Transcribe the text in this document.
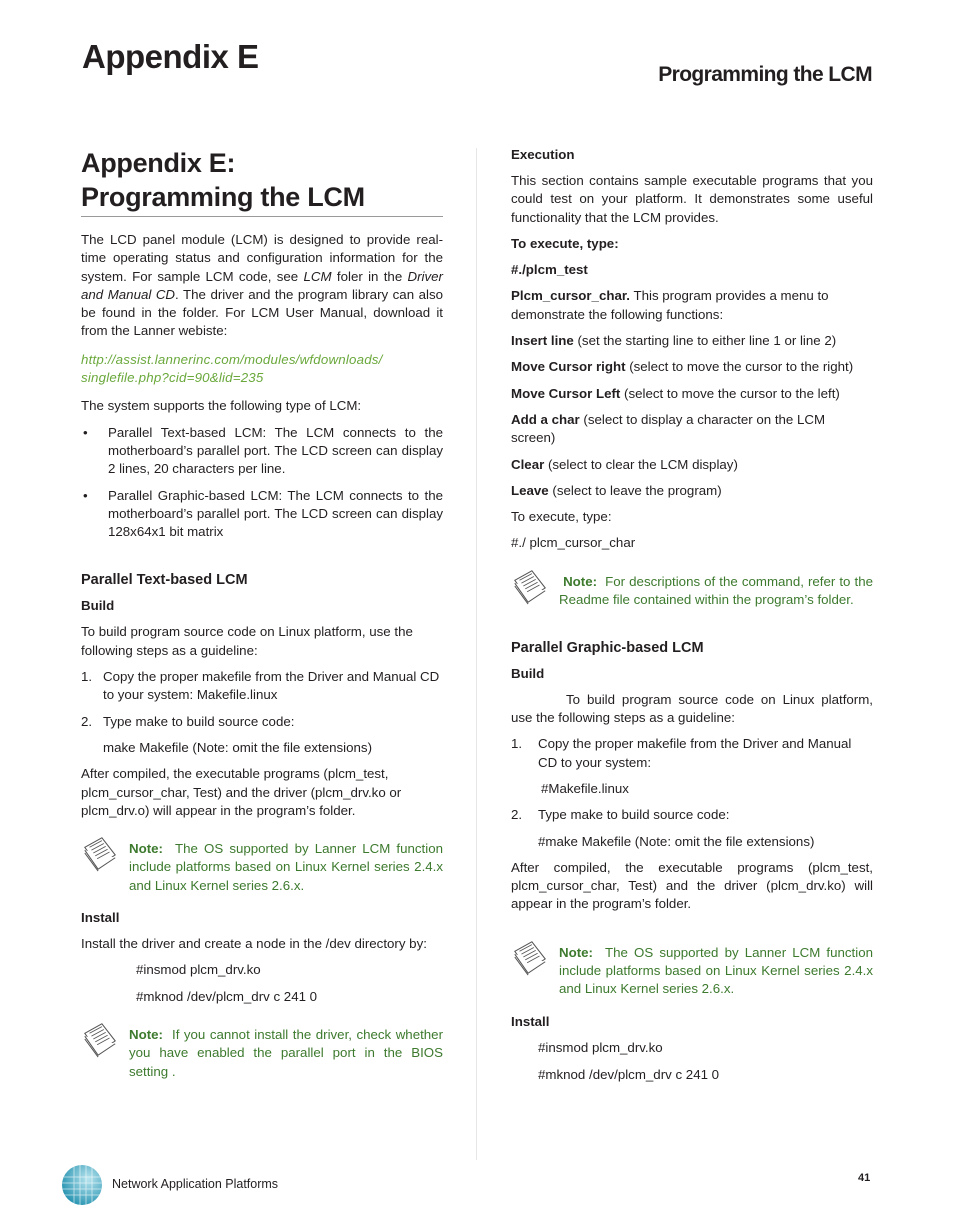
Appendix E	Programming the LCM
Appendix E:
Programming the LCM

The LCD panel module (LCM) is designed to provide real-time operating status and configuration information for the system. For sample LCM code, see LCM foler in the Driver and Manual CD. The driver and the program library can also be found in the folder. For LCM User Manual, download it from the Lanner webiste:

http://assist.lannerinc.com/modules/wfdownloads/
singlefile.php?cid=90&lid=235

The system supports the following type of LCM:

• Parallel Text-based LCM: The LCM connects to the motherboard’s parallel port. The LCD screen can display 2 lines, 20 characters per line.
• Parallel Graphic-based LCM: The LCM connects to the motherboard’s parallel port. The LCD screen can display 128x64x1 bit matrix
Parallel Text-based LCM
Build

To build program source code on Linux platform, use the following steps as a guideline:

1. Copy the proper makefile from the Driver and Manual CD to your system: Makefile.linux
2. Type make to build source code:

make Makefile (Note: omit the file extensions)

After compiled, the executable programs (plcm_test, plcm_cursor_char, Test) and the driver (plcm_drv.ko or plcm_drv.o) will appear in the program’s folder.

Note: The OS supported by Lanner LCM function include platforms based on Linux Kernel series 2.4.x and Linux Kernel series 2.6.x.

Install

Install the driver and create a node in the /dev directory by:

#insmod plcm_drv.ko

#mknod /dev/plcm_drv c 241 0

Note: If you cannot install the driver, check whether you have enabled the parallel port in the BIOS setting .

Execution

This section contains sample executable programs that you could test on your platform. It demonstrates some useful functionality that the LCM provides.

To execute, type:

#./plcm_test

Plcm_cursor_char. This program provides a menu to demonstrate the following functions:

Insert line (set the starting line to either line 1 or line 2)

Move Cursor right (select to move the cursor to the right)

Move Cursor Left (select to move the cursor to the left)

Add a char (select to display a character on the LCM screen)

Clear (select to clear the LCM display)

Leave (select to leave the program)

To execute, type:

#./ plcm_cursor_char

Note: For descriptions of the command, refer to the Readme file contained within the program’s folder.

Parallel Graphic-based LCM
Build

To build program source code on Linux platform, use the following steps as a guideline:

1. Copy the proper makefile from the Driver and Manual CD to your system:

#Makefile.linux

2. Type make to build source code:

#make Makefile (Note: omit the file extensions)

After compiled, the executable programs (plcm_test, plcm_cursor_char, Test) and the driver (plcm_drv.ko) will appear in the program’s folder.

Note: The OS supported by Lanner LCM function include platforms based on Linux Kernel series 2.4.x and Linux Kernel series 2.6.x.

Install

#insmod plcm_drv.ko

#mknod /dev/plcm_drv c 241 0

Network Application Platforms	41
